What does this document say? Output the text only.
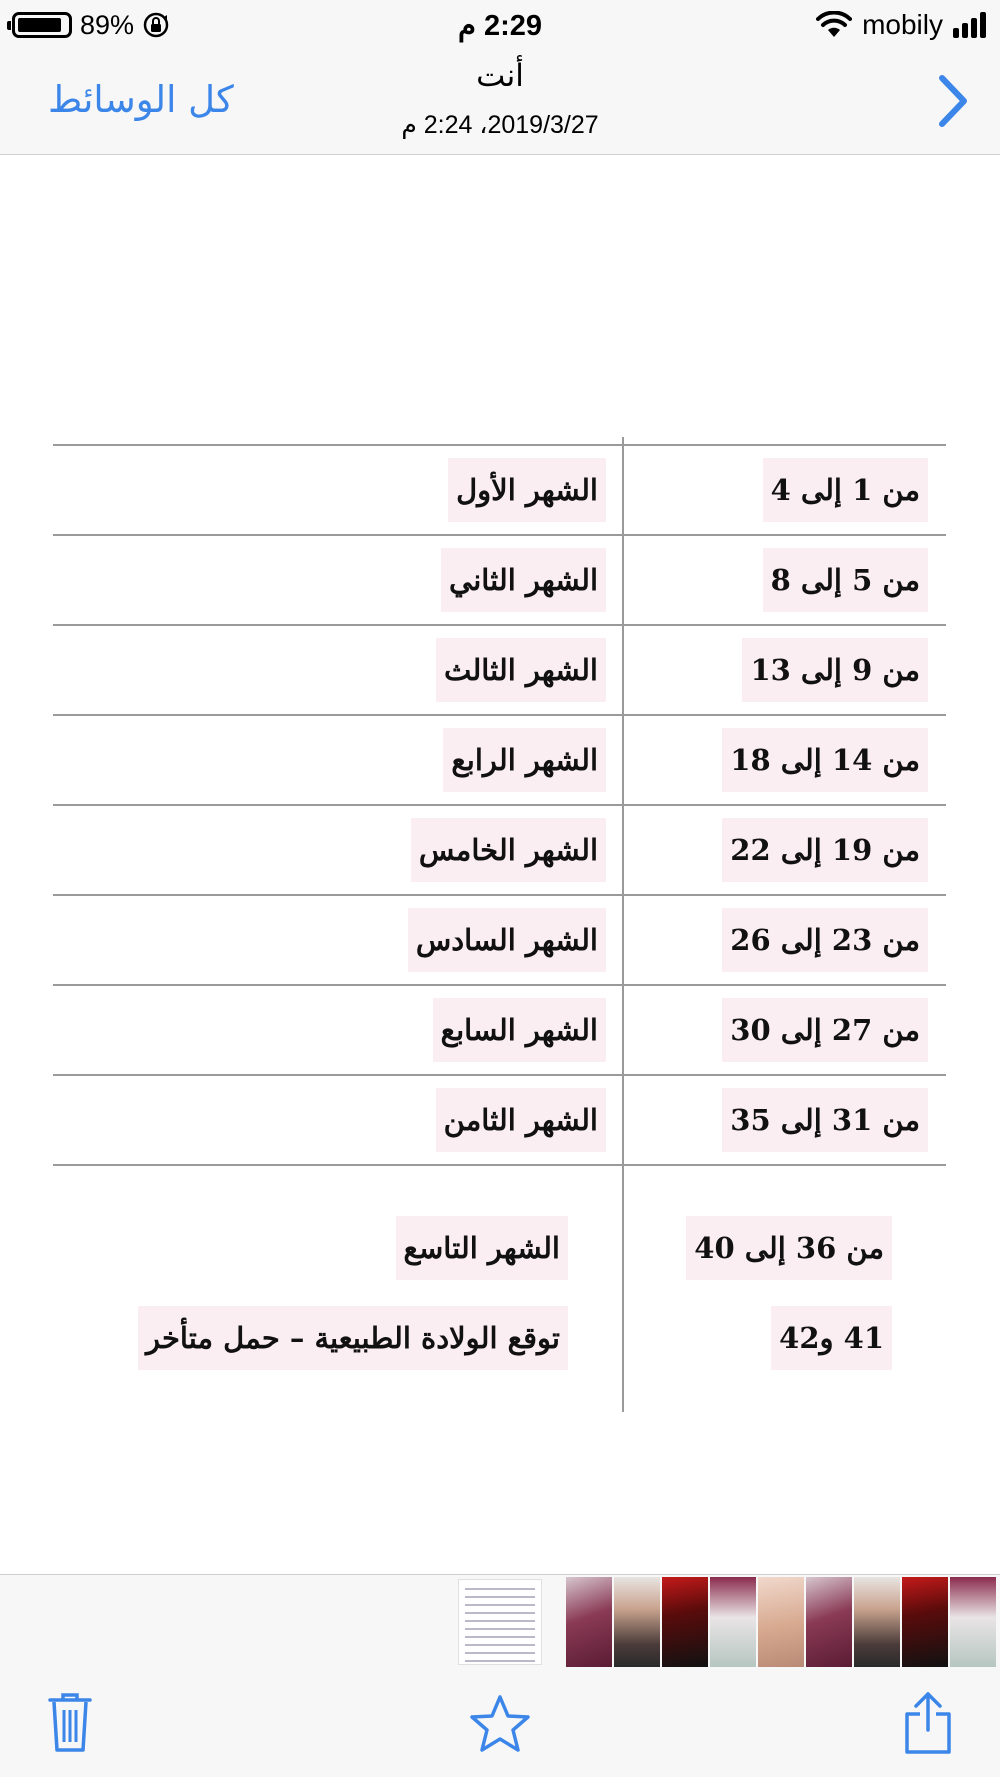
89%	2:29 م	mobily
كل الوسائط
أنت
2019/3/27، 2:24 م
الشهر الأول	من 1 إلى 4
الشهر الثاني	من 5 إلى 8
الشهر الثالث	من 9 إلى 13
الشهر الرابع	من 14 إلى 18
الشهر الخامس	من 19 إلى 22
الشهر السادس	من 23 إلى 26
الشهر السابع	من 27 إلى 30
الشهر الثامن	من 31 إلى 35
الشهر التاسع	من 36 إلى 40
توقع الولادة الطبيعية – حمل متأخر	41 و42
